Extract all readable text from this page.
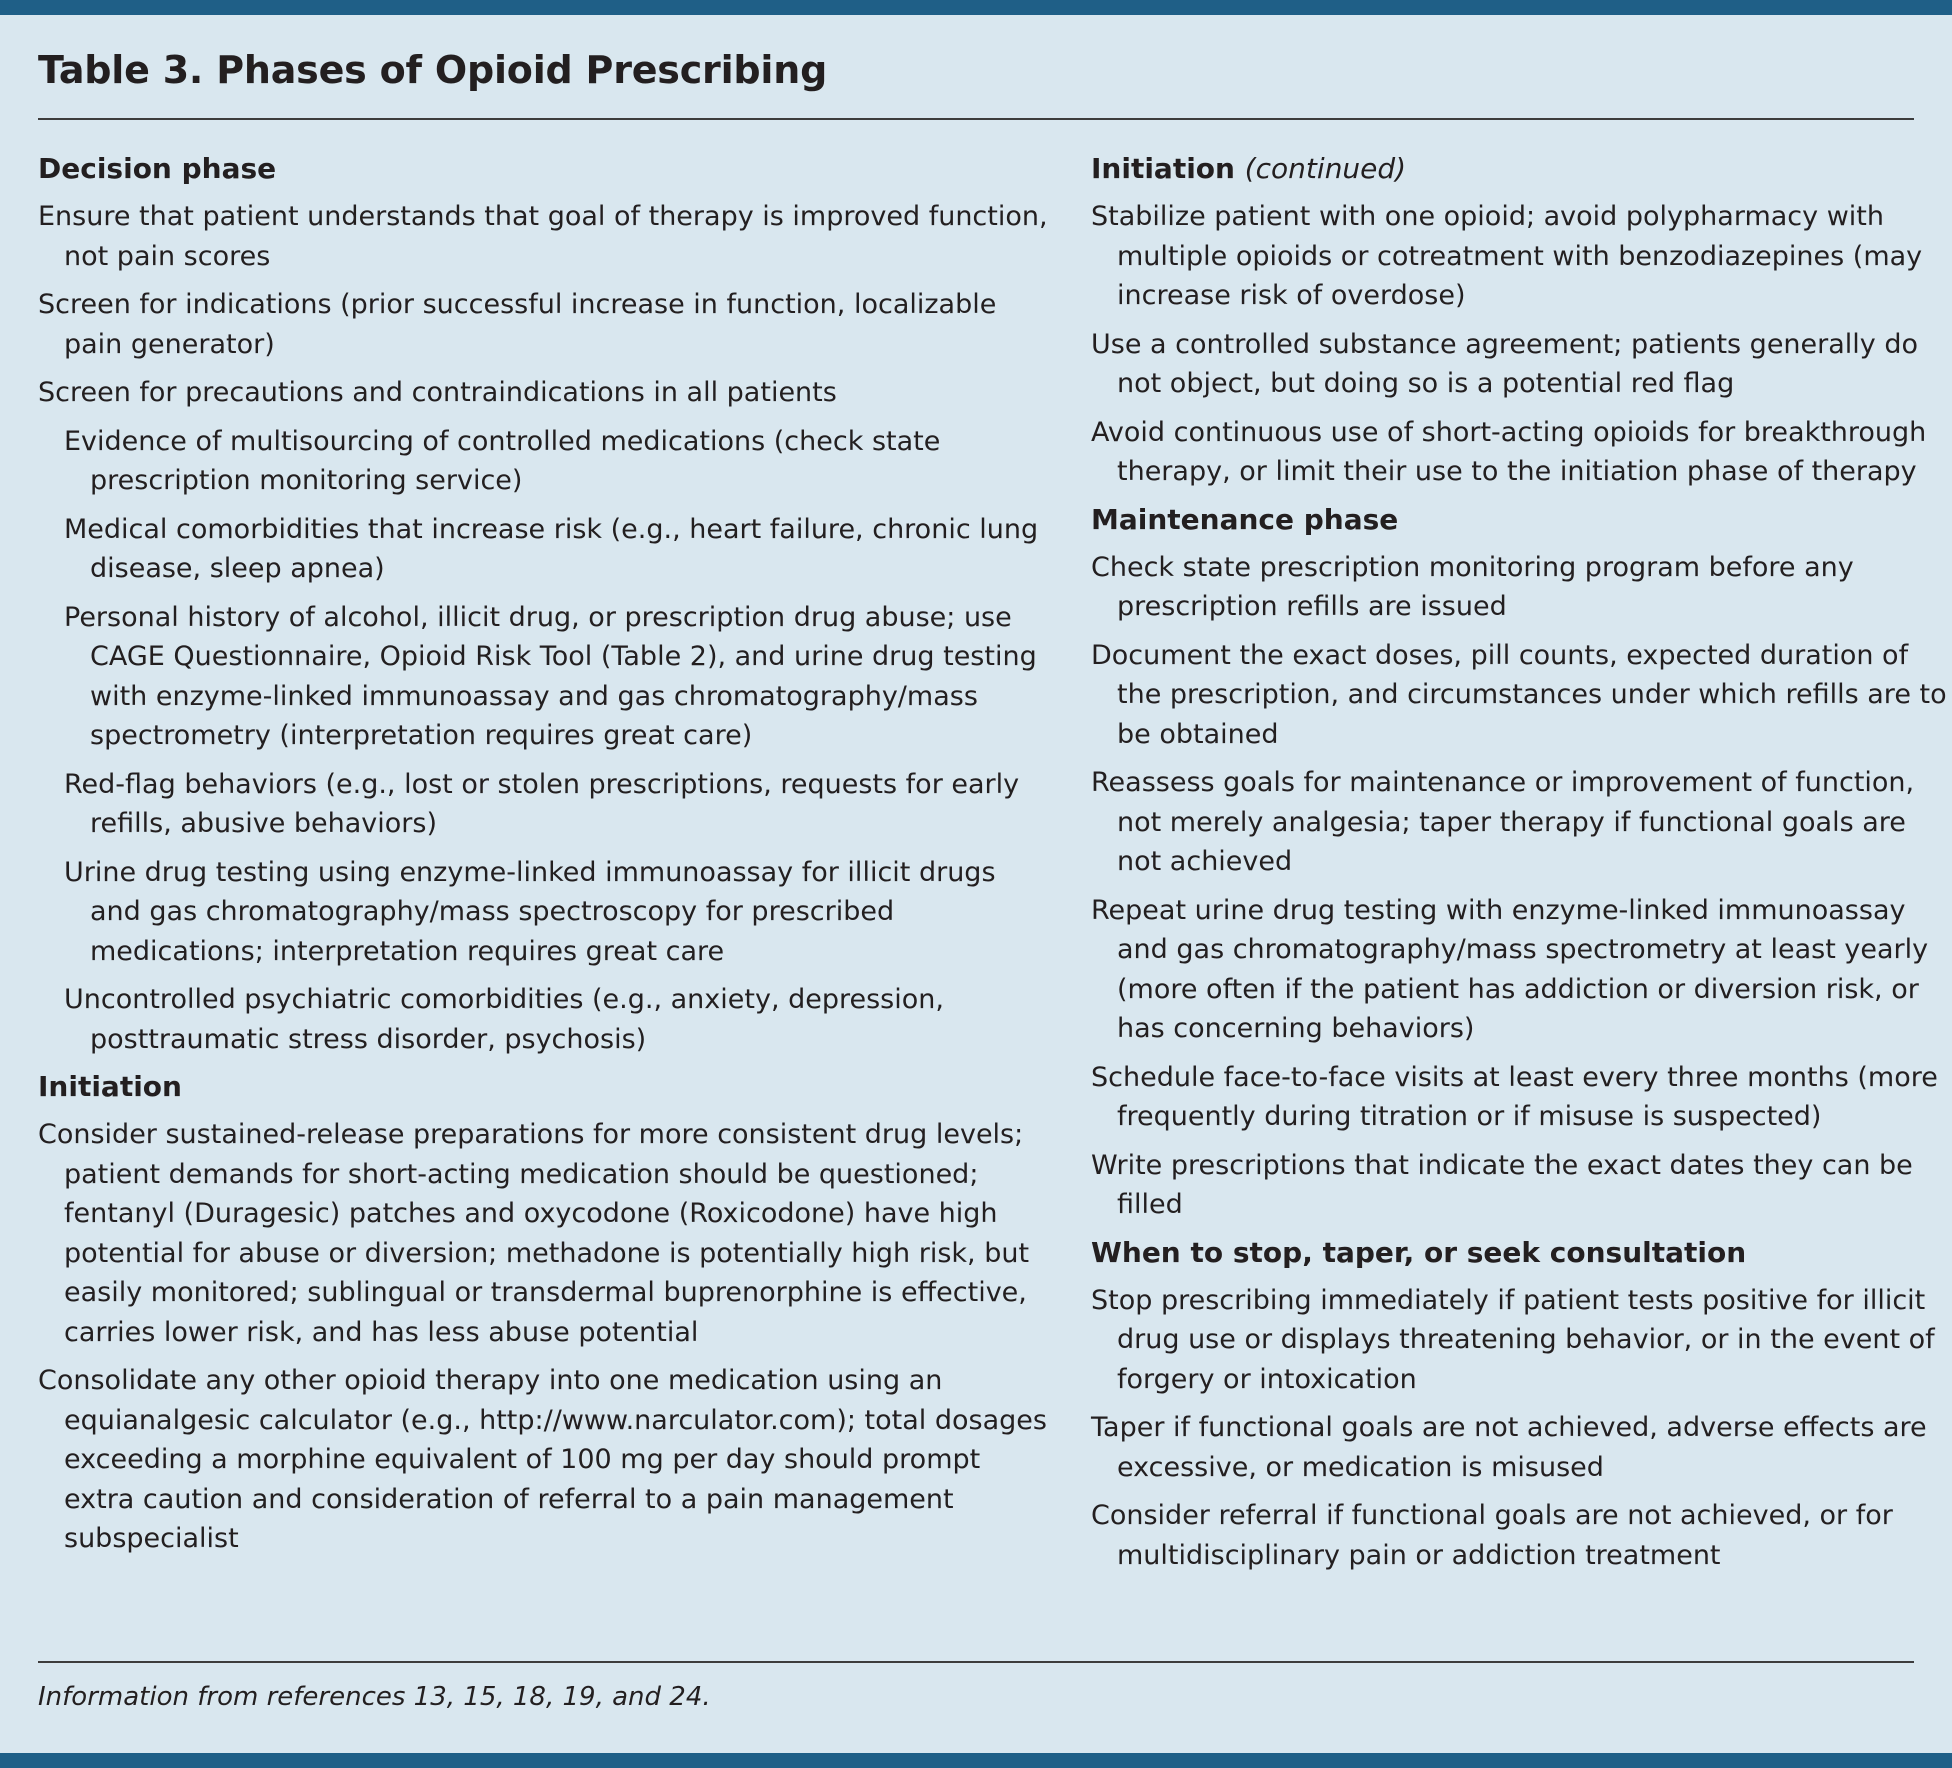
Table 3. Phases of Opioid Prescribing
Decision phase
Ensure that patient understands that goal of therapy is improved function, not pain scores
Screen for indications (prior successful increase in function, localizable pain generator)
Screen for precautions and contraindications in all patients
Evidence of multisourcing of controlled medications (check state prescription monitoring service)
Medical comorbidities that increase risk (e.g., heart failure, chronic lung disease, sleep apnea)
Personal history of alcohol, illicit drug, or prescription drug abuse; use CAGE Questionnaire, Opioid Risk Tool (Table 2), and urine drug testing with enzyme-linked immunoassay and gas chromatography/mass spectrometry (interpretation requires great care)
Red-flag behaviors (e.g., lost or stolen prescriptions, requests for early refills, abusive behaviors)
Urine drug testing using enzyme-linked immunoassay for illicit drugs and gas chromatography/mass spectroscopy for prescribed medications; interpretation requires great care
Uncontrolled psychiatric comorbidities (e.g., anxiety, depression, posttraumatic stress disorder, psychosis)
Initiation
Consider sustained-release preparations for more consistent drug levels; patient demands for short-acting medication should be questioned; fentanyl (Duragesic) patches and oxycodone (Roxicodone) have high potential for abuse or diversion; methadone is potentially high risk, but easily monitored; sublingual or transdermal buprenorphine is effective, carries lower risk, and has less abuse potential
Consolidate any other opioid therapy into one medication using an equianalgesic calculator (e.g., http://www.narculator.com); total dosages exceeding a morphine equivalent of 100 mg per day should prompt extra caution and consideration of referral to a pain management subspecialist
Initiation (continued)
Stabilize patient with one opioid; avoid polypharmacy with multiple opioids or cotreatment with benzodiazepines (may increase risk of overdose)
Use a controlled substance agreement; patients generally do not object, but doing so is a potential red flag
Avoid continuous use of short-acting opioids for breakthrough therapy, or limit their use to the initiation phase of therapy
Maintenance phase
Check state prescription monitoring program before any prescription refills are issued
Document the exact doses, pill counts, expected duration of the prescription, and circumstances under which refills are to be obtained
Reassess goals for maintenance or improvement of function, not merely analgesia; taper therapy if functional goals are not achieved
Repeat urine drug testing with enzyme-linked immunoassay and gas chromatography/mass spectrometry at least yearly (more often if the patient has addiction or diversion risk, or has concerning behaviors)
Schedule face-to-face visits at least every three months (more frequently during titration or if misuse is suspected)
Write prescriptions that indicate the exact dates they can be filled
When to stop, taper, or seek consultation
Stop prescribing immediately if patient tests positive for illicit drug use or displays threatening behavior, or in the event of forgery or intoxication
Taper if functional goals are not achieved, adverse effects are excessive, or medication is misused
Consider referral if functional goals are not achieved, or for multidisciplinary pain or addiction treatment
Information from references 13, 15, 18, 19, and 24.
